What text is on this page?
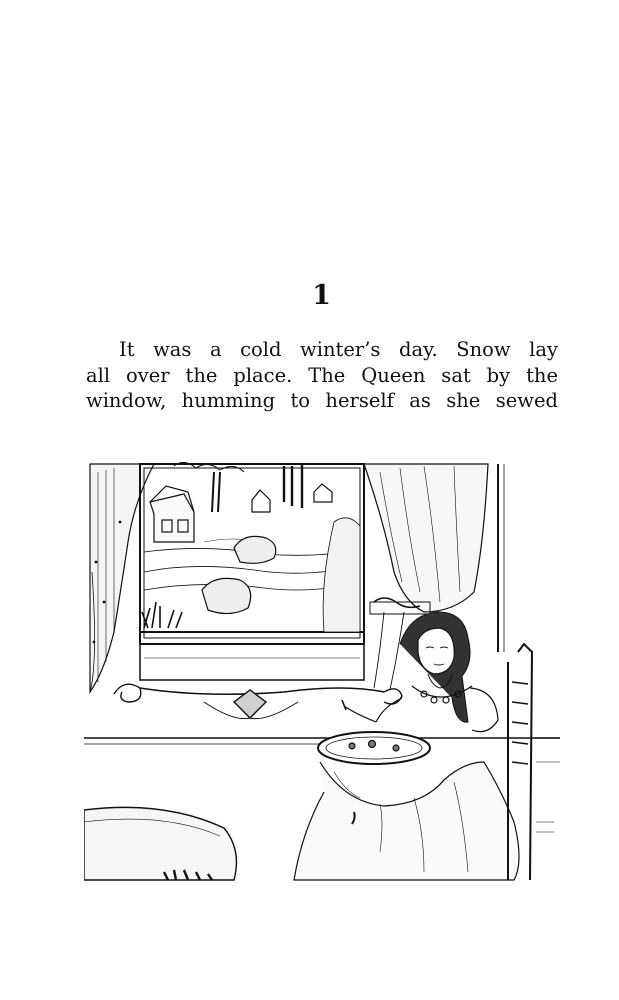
1
It was a cold winter’s day. Snow lay
all over the place. The Queen sat by the
window, humming to herself as she sewed
